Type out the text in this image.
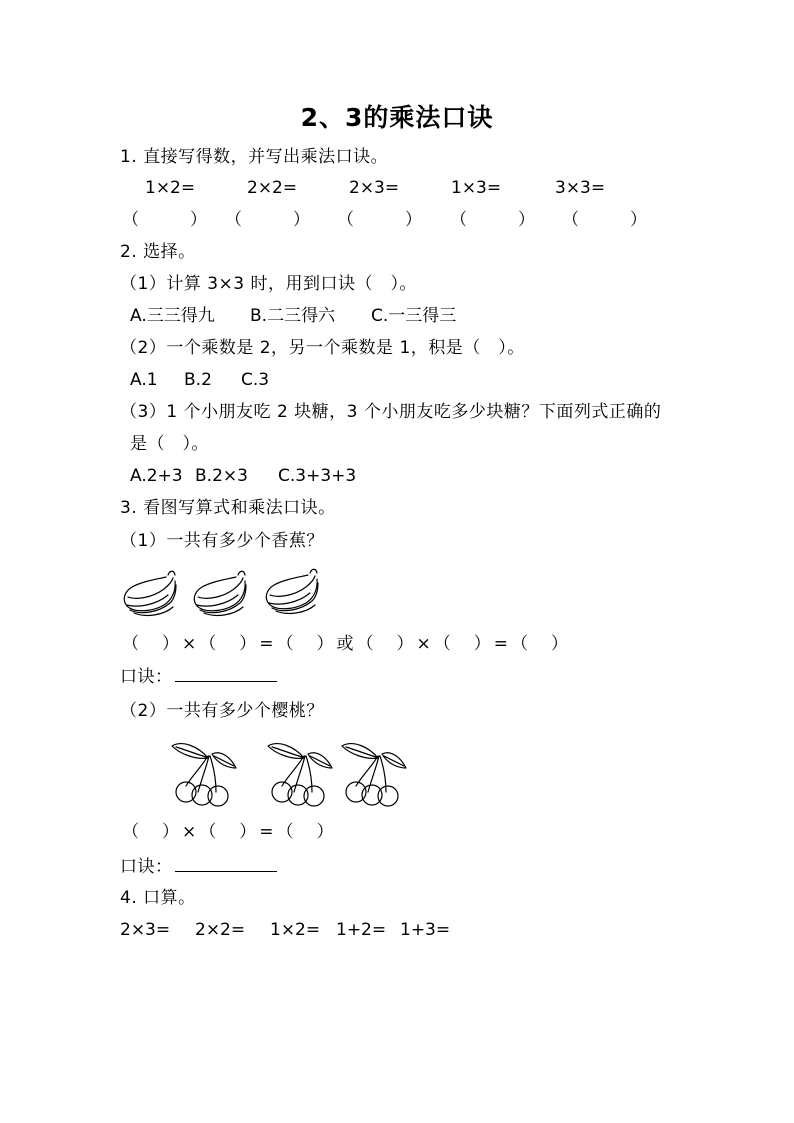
2、3的乘法口诀
1. 直接写得数，并写出乘法口诀。
1×2=	2×2=	2×3=	1×3=	3×3=
（　　　） （　　　） （　　　） （　　　） （　　　）
2. 选择。
（1）计算 3×3 时，用到口诀（　）。
A.三三得九 B.二三得六 C.一三得三
（2）一个乘数是 2，另一个乘数是 1，积是（　）。
A.1 B.2 C.3
（3）1 个小朋友吃 2 块糖，3 个小朋友吃多少块糖？下面列式正确的
是（　）。
A.2+3 B.2×3 C.3+3+3
3. 看图写算式和乘法口诀。
（1）一共有多少个香蕉？
（　）×（　）=（　）或（　）×（　）=（　）
口诀：
（2）一共有多少个樱桃？
（　）×（　）=（　）
口诀：
4. 口算。
2×3= 2×2= 1×2= 1+2= 1+3=
